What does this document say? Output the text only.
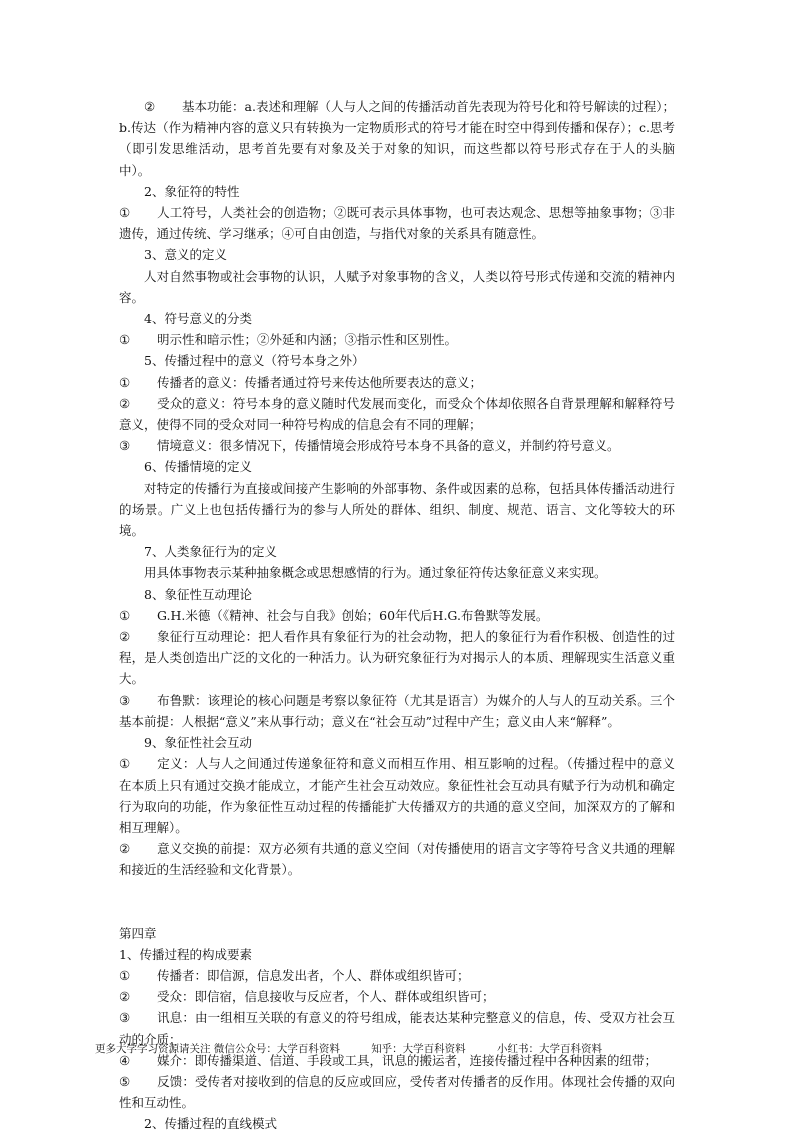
② 基本功能：a.表述和理解（人与人之间的传播活动首先表现为符号化和符号解读的过程）；b.传达（作为精神内容的意义只有转换为一定物质形式的符号才能在时空中得到传播和保存）；c.思考（即引发思维活动，思考首先要有对象及关于对象的知识，而这些都以符号形式存在于人的头脑中）。

2、象征符的特性

① 人工符号，人类社会的创造物；②既可表示具体事物，也可表达观念、思想等抽象事物；③非遗传，通过传统、学习继承；④可自由创造，与指代对象的关系具有随意性。

3、意义的定义

人对自然事物或社会事物的认识，人赋予对象事物的含义，人类以符号形式传递和交流的精神内容。

4、符号意义的分类

① 明示性和暗示性；②外延和内涵；③指示性和区别性。

5、传播过程中的意义（符号本身之外）

① 传播者的意义：传播者通过符号来传达他所要表达的意义；

② 受众的意义：符号本身的意义随时代发展而变化，而受众个体却依照各自背景理解和解释符号意义，使得不同的受众对同一种符号构成的信息会有不同的理解；

③ 情境意义：很多情况下，传播情境会形成符号本身不具备的意义，并制约符号意义。

6、传播情境的定义

对特定的传播行为直接或间接产生影响的外部事物、条件或因素的总称，包括具体传播活动进行的场景。广义上也包括传播行为的参与人所处的群体、组织、制度、规范、语言、文化等较大的环境。

7、人类象征行为的定义

用具体事物表示某种抽象概念或思想感情的行为。通过象征符传达象征意义来实现。

8、象征性互动理论

① G.H.米德（《精神、社会与自我》创始；60年代后H.G.布鲁默等发展。

② 象征行互动理论：把人看作具有象征行为的社会动物，把人的象征行为看作积极、创造性的过程，是人类创造出广泛的文化的一种活力。认为研究象征行为对揭示人的本质、理解现实生活意义重大。

③ 布鲁默：该理论的核心问题是考察以象征符（尤其是语言）为媒介的人与人的互动关系。三个基本前提：人根据“意义”来从事行动；意义在“社会互动”过程中产生；意义由人来“解释”。

9、象征性社会互动

① 定义：人与人之间通过传递象征符和意义而相互作用、相互影响的过程。（传播过程中的意义在本质上只有通过交换才能成立，才能产生社会互动效应。象征性社会互动具有赋予行为动机和确定行为取向的功能，作为象征性互动过程的传播能扩大传播双方的共通的意义空间，加深双方的了解和相互理解）。

② 意义交换的前提：双方必须有共通的意义空间（对传播使用的语言文字等符号含义共通的理解和接近的生活经验和文化背景）。

第四章

1、传播过程的构成要素

① 传播者：即信源，信息发出者，个人、群体或组织皆可；

② 受众：即信宿，信息接收与反应者，个人、群体或组织皆可；

③ 讯息：由一组相互关联的有意义的符号组成，能表达某种完整意义的信息，传、受双方社会互动的介质；

④ 媒介：即传播渠道、信道、手段或工具，讯息的搬运者，连接传播过程中各种因素的纽带；

⑤ 反馈：受传者对接收到的信息的反应或回应，受传者对传播者的反作用。体现社会传播的双向性和互动性。

2、传播过程的直线模式

更多大学学习资源请关注 微信公众号：大学百科资料	知乎：大学百科资料	小红书：大学百科资料
